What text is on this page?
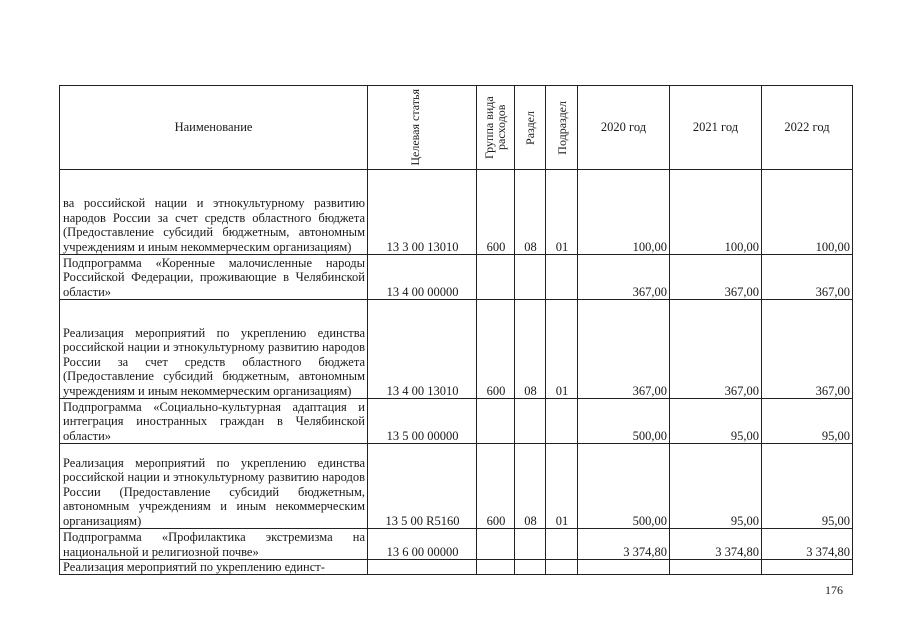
Наименование	Целевая статья	Группа вида расходов	Раздел	Подраздел	2020 год	2021 год	2022 год

ва российской нации и этнокультурному развитию народов России за счет средств областного бюджета (Предоставление субсидий бюджетным, автономным учреждениям и иным некоммерческим организациям)	13 3 00 13010	600	08	01	100,00	100,00	100,00
Подпрограмма «Коренные малочисленные народы Российской Федерации, проживающие в Челябинской области»	13 4 00 00000				367,00	367,00	367,00
Реализация мероприятий по укреплению единства российской нации и этнокультурному развитию народов России за счет средств областного бюджета (Предоставление субсидий бюджетным, автономным учреждениям и иным некоммерческим организациям)	13 4 00 13010	600	08	01	367,00	367,00	367,00
Подпрограмма «Социально-культурная адаптация и интеграция иностранных граждан в Челябинской области»	13 5 00 00000				500,00	95,00	95,00
Реализация мероприятий по укреплению единства российской нации и этнокультурному развитию народов России (Предоставление субсидий бюджетным, автономным учреждениям и иным некоммерческим организациям)	13 5 00 R5160	600	08	01	500,00	95,00	95,00
Подпрограмма «Профилактика экстремизма на национальной и религиозной почве»	13 6 00 00000				3 374,80	3 374,80	3 374,80
Реализация мероприятий по укреплению единст-							
176
